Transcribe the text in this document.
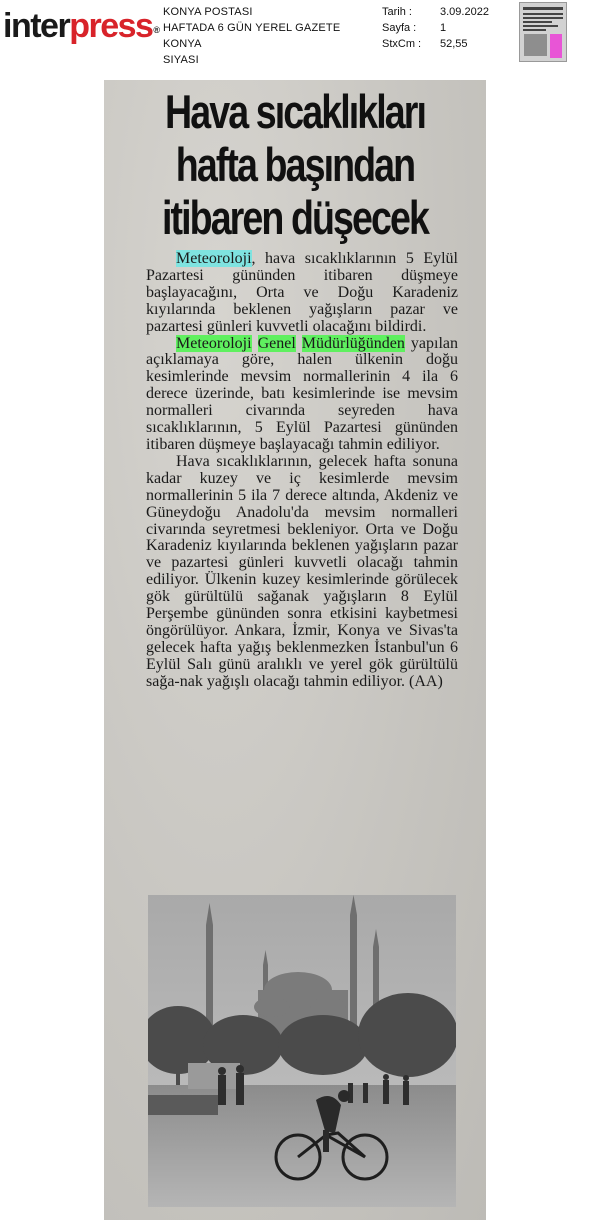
interpress®
KONYA POSTASI
HAFTADA 6 GÜN YEREL GAZETE
KONYA
SIYASI
Tarih :	3.09.2022
Sayfa :	1
StxCm :	52,55
Hava sıcaklıkları
hafta başından
itibaren düşecek

Meteoroloji, hava sıcaklıklarının 5 Eylül Pazartesi gününden itibaren düşmeye başlayacağını, Orta ve Doğu Karadeniz kıyılarında beklenen yağışların pazar ve pazartesi günleri kuvvetli olacağını bildirdi.

Meteoroloji Genel Müdürlüğünden yapılan açıklamaya göre, halen ülkenin doğu kesimlerinde mevsim normallerinin 4 ila 6 derece üzerinde, batı kesimlerinde ise mevsim normalleri civarında seyreden hava sıcaklıklarının, 5 Eylül Pazartesi gününden itibaren düşmeye başlayacağı tahmin ediliyor.

Hava sıcaklıklarının, gelecek hafta sonuna kadar kuzey ve iç kesimlerde mevsim normallerinin 5 ila 7 derece altında, Akdeniz ve Güneydoğu Anadolu'da mevsim normalleri civarında seyretmesi bekleniyor. Orta ve Doğu Karadeniz kıyılarında beklenen yağışların pazar ve pazartesi günleri kuvvetli olacağı tahmin ediliyor. Ülkenin kuzey kesimlerinde görülecek gök gürültülü sağanak yağışların 8 Eylül Perşembe gününden sonra etkisini kaybetmesi öngörülüyor. Ankara, İzmir, Konya ve Sivas'ta gelecek hafta yağış beklenmezken İstanbul'un 6 Eylül Salı günü aralıklı ve yerel gök gürültülü sağa-nak yağışlı olacağı tahmin ediliyor. (AA)
